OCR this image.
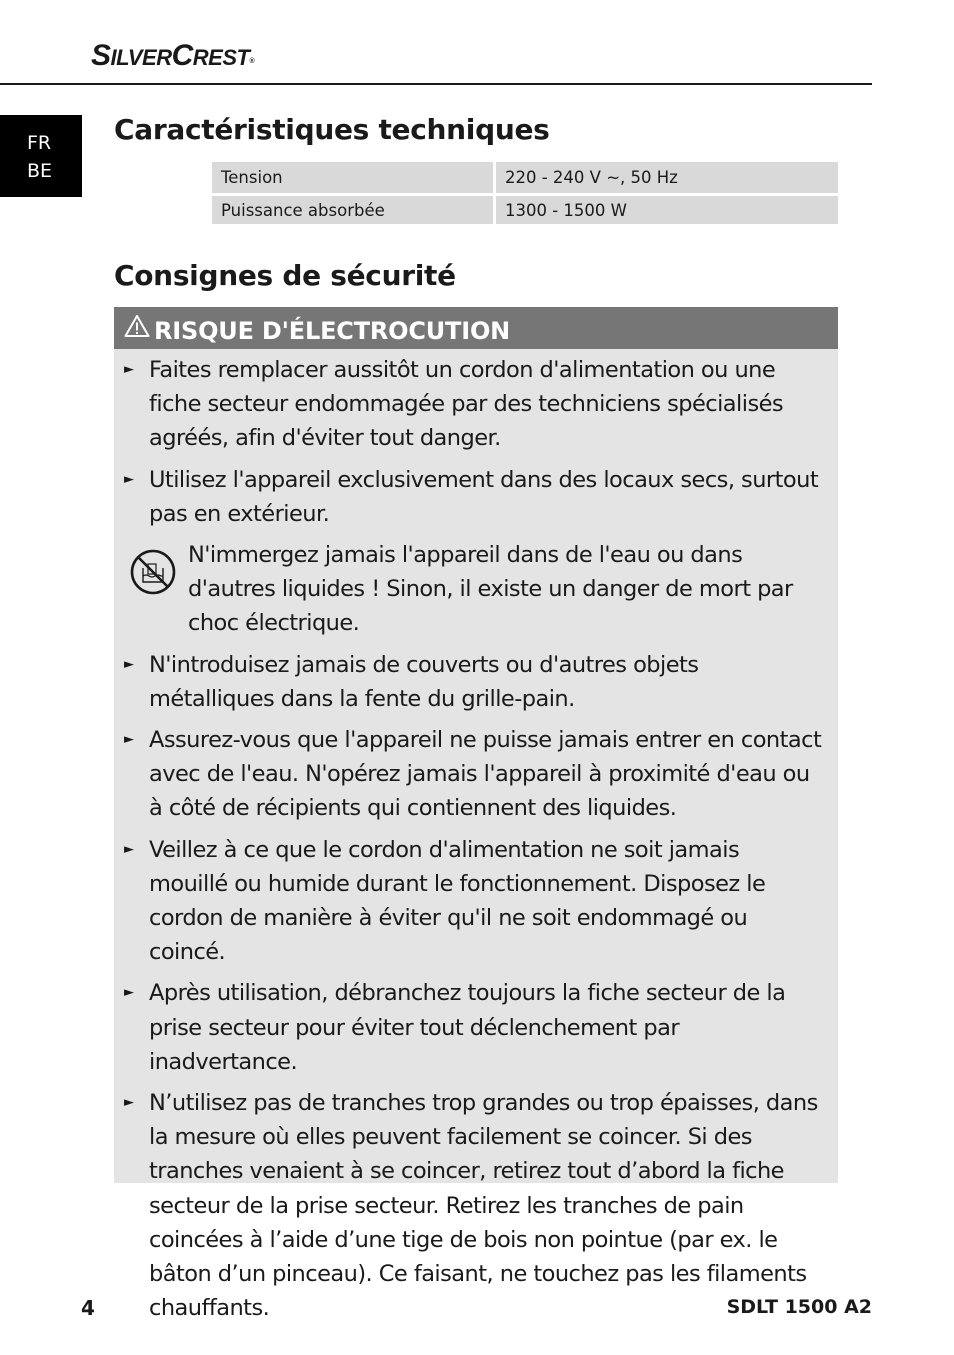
SILVERCREST®
FR
BE
Caractéristiques techniques
Tension	220 - 240 V ~, 50 Hz
Puissance absorbée	1300 - 1500 W
Consignes de sécurité
RISQUE D'ÉLECTROCUTION
► Faites remplacer aussitôt un cordon d'alimentation ou une fiche secteur endommagée par des techniciens spécialisés agréés, afin d'éviter tout danger.
► Utilisez l'appareil exclusivement dans des locaux secs, surtout pas en extérieur.
N'immergez jamais l'appareil dans de l'eau ou dans d'autres liquides ! Sinon, il existe un danger de mort par choc électrique.
► N'introduisez jamais de couverts ou d'autres objets métalliques dans la fente du grille-pain.
► Assurez-vous que l'appareil ne puisse jamais entrer en contact avec de l'eau. N'opérez jamais l'appareil à proximité d'eau ou à côté de récipients qui contiennent des liquides.
► Veillez à ce que le cordon d'alimentation ne soit jamais mouillé ou humide durant le fonctionnement. Disposez le cordon de manière à éviter qu'il ne soit endommagé ou coincé.
► Après utilisation, débranchez toujours la fiche secteur de la prise secteur pour éviter tout déclenchement par inadvertance.
► N’utilisez pas de tranches trop grandes ou trop épaisses, dans la mesure où elles peuvent facilement se coincer. Si des tranches venaient à se coincer, retirez tout d’abord la fiche secteur de la prise secteur. Retirez les tranches de pain coincées à l’aide d’une tige de bois non pointue (par ex. le bâton d’un pinceau). Ce faisant, ne touchez pas les filaments chauffants.
4	SDLT 1500 A2
